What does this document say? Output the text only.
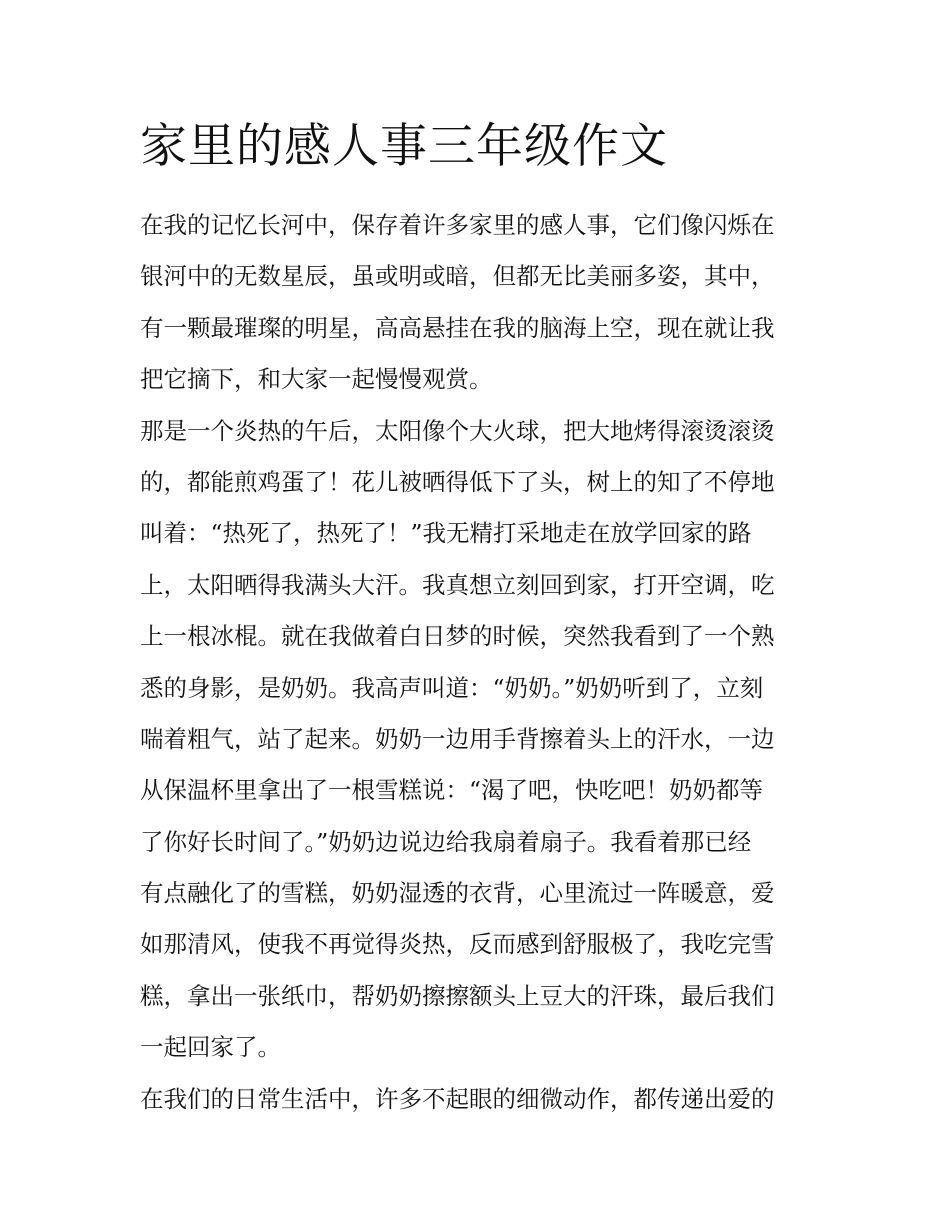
家里的感人事三年级作文

在我的记忆长河中，保存着许多家里的感人事，它们像闪烁在
银河中的无数星辰，虽或明或暗，但都无比美丽多姿，其中，
有一颗最璀璨的明星，高高悬挂在我的脑海上空，现在就让我
把它摘下，和大家一起慢慢观赏。

那是一个炎热的午后，太阳像个大火球，把大地烤得滚烫滚烫
的，都能煎鸡蛋了！花儿被晒得低下了头，树上的知了不停地
叫着：“热死了，热死了！”我无精打采地走在放学回家的路
上，太阳晒得我满头大汗。我真想立刻回到家，打开空调，吃
上一根冰棍。就在我做着白日梦的时候，突然我看到了一个熟
悉的身影，是奶奶。我高声叫道：“奶奶。”奶奶听到了，立刻
喘着粗气，站了起来。奶奶一边用手背擦着头上的汗水，一边
从保温杯里拿出了一根雪糕说：“渴了吧，快吃吧！奶奶都等
了你好长时间了。”奶奶边说边给我扇着扇子。我看着那已经
有点融化了的雪糕，奶奶湿透的衣背，心里流过一阵暖意，爱
如那清风，使我不再觉得炎热，反而感到舒服极了，我吃完雪
糕，拿出一张纸巾，帮奶奶擦擦额头上豆大的汗珠，最后我们
一起回家了。

在我们的日常生活中，许多不起眼的细微动作，都传递出爱的
